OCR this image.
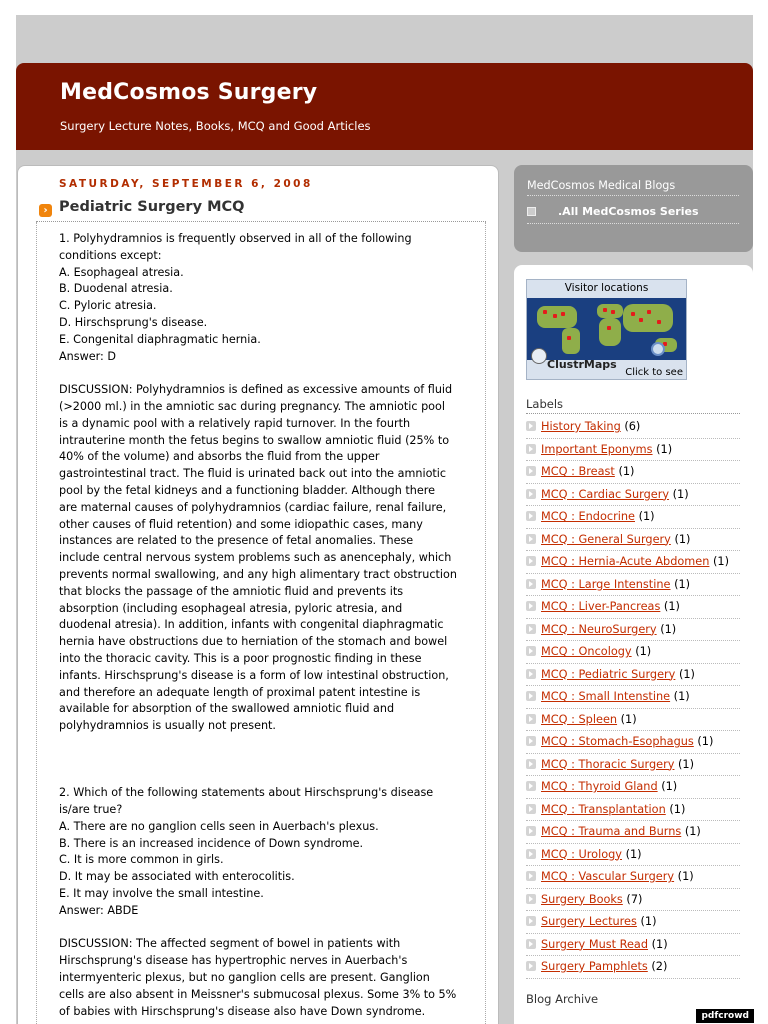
MedCosmos Surgery
Surgery Lecture Notes, Books, MCQ and Good Articles
SATURDAY, SEPTEMBER 6, 2008
› Pediatric Surgery MCQ
1. Polyhydramnios is frequently observed in all of the following
conditions except:
A. Esophageal atresia.
B. Duodenal atresia.
C. Pyloric atresia.
D. Hirschsprung's disease.
E. Congenital diaphragmatic hernia.
Answer: D
DISCUSSION: Polyhydramnios is defined as excessive amounts of fluid
(>2000 ml.) in the amniotic sac during pregnancy. The amniotic pool
is a dynamic pool with a relatively rapid turnover. In the fourth
intrauterine month the fetus begins to swallow amniotic fluid (25% to
40% of the volume) and absorbs the fluid from the upper
gastrointestinal tract. The fluid is urinated back out into the amniotic
pool by the fetal kidneys and a functioning bladder. Although there
are maternal causes of polyhydramnios (cardiac failure, renal failure,
other causes of fluid retention) and some idiopathic cases, many
instances are related to the presence of fetal anomalies. These
include central nervous system problems such as anencephaly, which
prevents normal swallowing, and any high alimentary tract obstruction
that blocks the passage of the amniotic fluid and prevents its
absorption (including esophageal atresia, pyloric atresia, and
duodenal atresia). In addition, infants with congenital diaphragmatic
hernia have obstructions due to herniation of the stomach and bowel
into the thoracic cavity. This is a poor prognostic finding in these
infants. Hirschsprung's disease is a form of low intestinal obstruction,
and therefore an adequate length of proximal patent intestine is
available for absorption of the swallowed amniotic fluid and
polyhydramnios is usually not present.
2. Which of the following statements about Hirschsprung's disease
is/are true?
A. There are no ganglion cells seen in Auerbach's plexus.
B. There is an increased incidence of Down syndrome.
C. It is more common in girls.
D. It may be associated with enterocolitis.
E. It may involve the small intestine.
Answer: ABDE
DISCUSSION: The affected segment of bowel in patients with
Hirschsprung's disease has hypertrophic nerves in Auerbach's
intermyenteric plexus, but no ganglion cells are present. Ganglion
cells are also absent in Meissner's submucosal plexus. Some 3% to 5%
of babies with Hirschsprung's disease also have Down syndrome.
MedCosmos Medical Blogs
.All MedCosmos Series
Visitor locations
ClustrMaps
Click to see
Labels
History Taking (6)
Important Eponyms (1)
MCQ : Breast (1)
MCQ : Cardiac Surgery (1)
MCQ : Endocrine (1)
MCQ : General Surgery (1)
MCQ : Hernia-Acute Abdomen (1)
MCQ : Large Intenstine (1)
MCQ : Liver-Pancreas (1)
MCQ : NeuroSurgery (1)
MCQ : Oncology (1)
MCQ : Pediatric Surgery (1)
MCQ : Small Intenstine (1)
MCQ : Spleen (1)
MCQ : Stomach-Esophagus (1)
MCQ : Thoracic Surgery (1)
MCQ : Thyroid Gland (1)
MCQ : Transplantation (1)
MCQ : Trauma and Burns (1)
MCQ : Urology (1)
MCQ : Vascular Surgery (1)
Surgery Books (7)
Surgery Lectures (1)
Surgery Must Read (1)
Surgery Pamphlets (2)
Blog Archive
pdfcrowd
